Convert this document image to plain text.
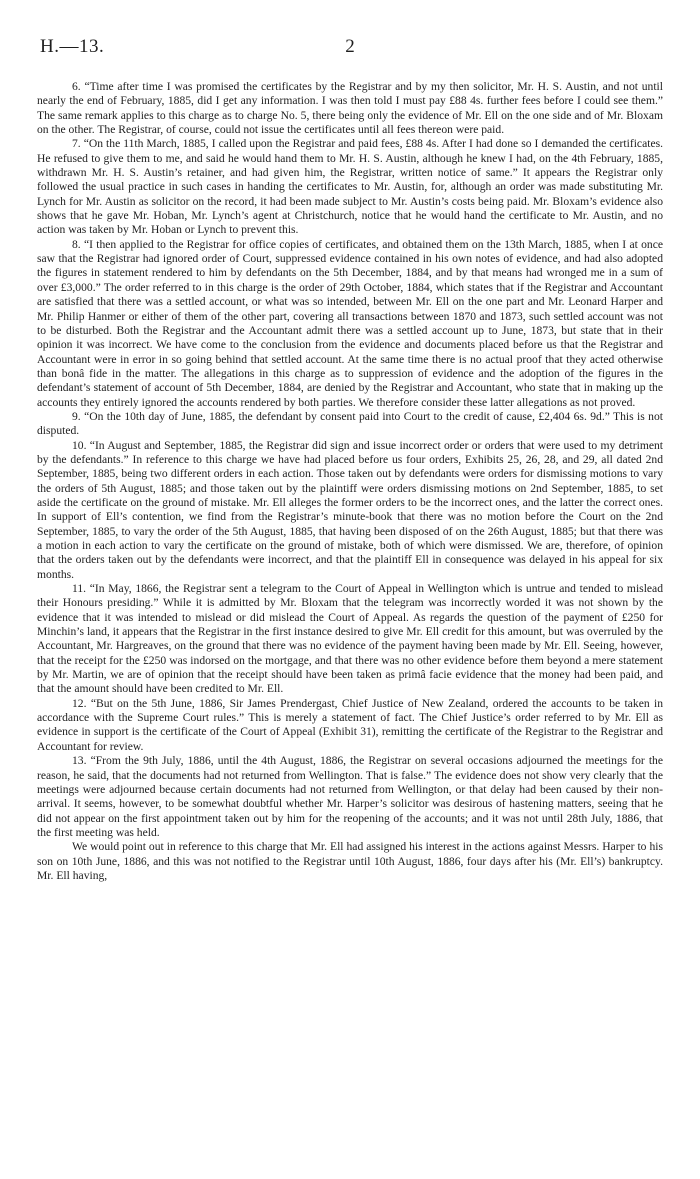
H.—13.	2

6. “Time after time I was promised the certificates by the Registrar and by my then solicitor, Mr. H. S. Austin, and not until nearly the end of February, 1885, did I get any information. I was then told I must pay £88 4s. further fees before I could see them.” The same remark applies to this charge as to charge No. 5, there being only the evidence of Mr. Ell on the one side and of Mr. Bloxam on the other. The Registrar, of course, could not issue the certificates until all fees thereon were paid.

7. “On the 11th March, 1885, I called upon the Registrar and paid fees, £88 4s. After I had done so I demanded the certificates. He refused to give them to me, and said he would hand them to Mr. H. S. Austin, although he knew I had, on the 4th February, 1885, withdrawn Mr. H. S. Austin’s retainer, and had given him, the Registrar, written notice of same.” It appears the Registrar only followed the usual practice in such cases in handing the certificates to Mr. Austin, for, although an order was made substituting Mr. Lynch for Mr. Austin as solicitor on the record, it had been made subject to Mr. Austin’s costs being paid. Mr. Bloxam’s evidence also shows that he gave Mr. Hoban, Mr. Lynch’s agent at Christchurch, notice that he would hand the certificate to Mr. Austin, and no action was taken by Mr. Hoban or Lynch to prevent this.

8. “I then applied to the Registrar for office copies of certificates, and obtained them on the 13th March, 1885, when I at once saw that the Registrar had ignored order of Court, suppressed evidence contained in his own notes of evidence, and had also adopted the figures in statement rendered to him by defendants on the 5th December, 1884, and by that means had wronged me in a sum of over £3,000.” The order referred to in this charge is the order of 29th October, 1884, which states that if the Registrar and Accountant are satisfied that there was a settled account, or what was so intended, between Mr. Ell on the one part and Mr. Leonard Harper and Mr. Philip Hanmer or either of them of the other part, covering all transactions between 1870 and 1873, such settled account was not to be disturbed. Both the Registrar and the Accountant admit there was a settled account up to June, 1873, but state that in their opinion it was incorrect. We have come to the conclusion from the evidence and documents placed before us that the Registrar and Accountant were in error in so going behind that settled account. At the same time there is no actual proof that they acted otherwise than bonâ fide in the matter. The allegations in this charge as to suppression of evidence and the adoption of the figures in the defendant’s statement of account of 5th December, 1884, are denied by the Registrar and Accountant, who state that in making up the accounts they entirely ignored the accounts rendered by both parties. We therefore consider these latter allegations as not proved.

9. “On the 10th day of June, 1885, the defendant by consent paid into Court to the credit of cause, £2,404 6s. 9d.” This is not disputed.

10. “In August and September, 1885, the Registrar did sign and issue incorrect order or orders that were used to my detriment by the defendants.” In reference to this charge we have had placed before us four orders, Exhibits 25, 26, 28, and 29, all dated 2nd September, 1885, being two different orders in each action. Those taken out by defendants were orders for dismissing motions to vary the orders of 5th August, 1885; and those taken out by the plaintiff were orders dismissing motions on 2nd September, 1885, to set aside the certificate on the ground of mistake. Mr. Ell alleges the former orders to be the incorrect ones, and the latter the correct ones. In support of Ell’s contention, we find from the Registrar’s minute-book that there was no motion before the Court on the 2nd September, 1885, to vary the order of the 5th August, 1885, that having been disposed of on the 26th August, 1885; but that there was a motion in each action to vary the certificate on the ground of mistake, both of which were dismissed. We are, therefore, of opinion that the orders taken out by the defendants were incorrect, and that the plaintiff Ell in consequence was delayed in his appeal for six months.

11. “In May, 1866, the Registrar sent a telegram to the Court of Appeal in Wellington which is untrue and tended to mislead their Honours presiding.” While it is admitted by Mr. Bloxam that the telegram was incorrectly worded it was not shown by the evidence that it was intended to mislead or did mislead the Court of Appeal. As regards the question of the payment of £250 for Minchin’s land, it appears that the Registrar in the first instance desired to give Mr. Ell credit for this amount, but was overruled by the Accountant, Mr. Hargreaves, on the ground that there was no evidence of the payment having been made by Mr. Ell. Seeing, however, that the receipt for the £250 was indorsed on the mortgage, and that there was no other evidence before them beyond a mere statement by Mr. Martin, we are of opinion that the receipt should have been taken as primâ facie evidence that the money had been paid, and that the amount should have been credited to Mr. Ell.

12. “But on the 5th June, 1886, Sir James Prendergast, Chief Justice of New Zealand, ordered the accounts to be taken in accordance with the Supreme Court rules.” This is merely a statement of fact. The Chief Justice’s order referred to by Mr. Ell as evidence in support is the certificate of the Court of Appeal (Exhibit 31), remitting the certificate of the Registrar to the Registrar and Accountant for review.

13. “From the 9th July, 1886, until the 4th August, 1886, the Registrar on several occasions adjourned the meetings for the reason, he said, that the documents had not returned from Wellington. That is false.” The evidence does not show very clearly that the meetings were adjourned because certain documents had not returned from Wellington, or that delay had been caused by their non-arrival. It seems, however, to be somewhat doubtful whether Mr. Harper’s solicitor was desirous of hastening matters, seeing that he did not appear on the first appointment taken out by him for the reopening of the accounts; and it was not until 28th July, 1886, that the first meeting was held.

We would point out in reference to this charge that Mr. Ell had assigned his interest in the actions against Messrs. Harper to his son on 10th June, 1886, and this was not notified to the Registrar until 10th August, 1886, four days after his (Mr. Ell’s) bankruptcy. Mr. Ell having,
